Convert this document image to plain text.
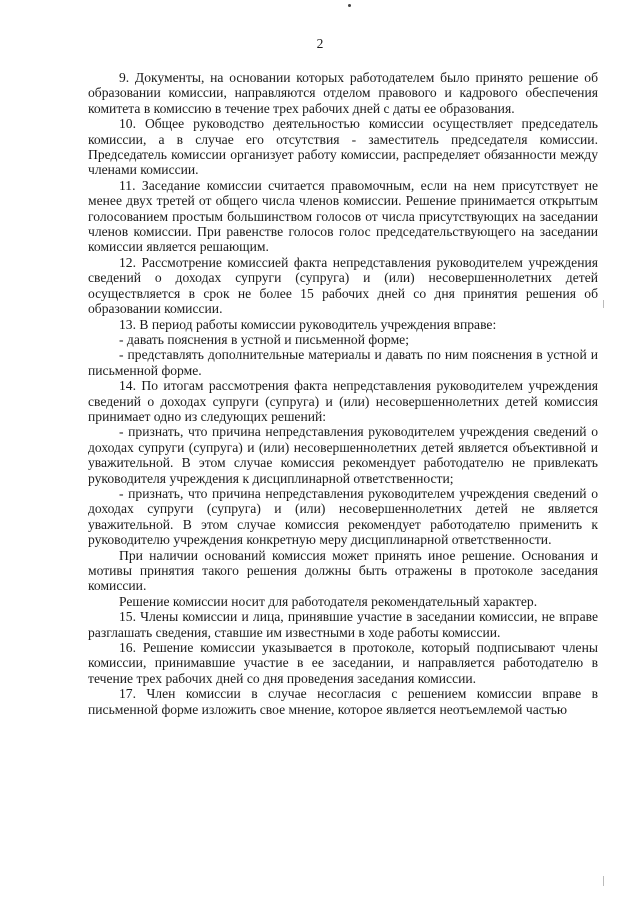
2

9. Документы, на основании которых работодателем было принято решение об образовании комиссии, направляются отделом правового и кадрового обеспечения комитета в комиссию в течение трех рабочих дней с даты ее образования.

10. Общее руководство деятельностью комиссии осуществляет председатель комиссии, а в случае его отсутствия - заместитель председателя комиссии. Председатель комиссии организует работу комиссии, распределяет обязанности между членами комиссии.

11. Заседание комиссии считается правомочным, если на нем присутствует не менее двух третей от общего числа членов комиссии. Решение принимается открытым голосованием простым большинством голосов от числа присутствующих на заседании членов комиссии. При равенстве голосов голос председательствующего на заседании комиссии является решающим.

12. Рассмотрение комиссией факта непредставления руководителем учреждения сведений о доходах супруги (супруга) и (или) несовершеннолетних детей осуществляется в срок не более 15 рабочих дней со дня принятия решения об образовании комиссии.

13. В период работы комиссии руководитель учреждения вправе:

- давать пояснения в устной и письменной форме;

- представлять дополнительные материалы и давать по ним пояснения в устной и письменной форме.

14. По итогам рассмотрения факта непредставления руководителем учреждения сведений о доходах супруги (супруга) и (или) несовершеннолетних детей комиссия принимает одно из следующих решений:

- признать, что причина непредставления руководителем учреждения сведений о доходах супруги (супруга) и (или) несовершеннолетних детей является объективной и уважительной. В этом случае комиссия рекомендует работодателю не привлекать руководителя учреждения к дисциплинарной ответственности;

- признать, что причина непредставления руководителем учреждения сведений о доходах супруги (супруга) и (или) несовершеннолетних детей не является уважительной. В этом случае комиссия рекомендует работодателю применить к руководителю учреждения конкретную меру дисциплинарной ответственности.

При наличии оснований комиссия может принять иное решение. Основания и мотивы принятия такого решения должны быть отражены в протоколе заседания комиссии.

Решение комиссии носит для работодателя рекомендательный характер.

15. Члены комиссии и лица, принявшие участие в заседании комиссии, не вправе разглашать сведения, ставшие им известными в ходе работы комиссии.

16. Решение комиссии указывается в протоколе, который подписывают члены комиссии, принимавшие участие в ее заседании, и направляется работодателю в течение трех рабочих дней со дня проведения заседания комиссии.

17. Член комиссии в случае несогласия с решением комиссии вправе в письменной форме изложить свое мнение, которое является неотъемлемой частью
